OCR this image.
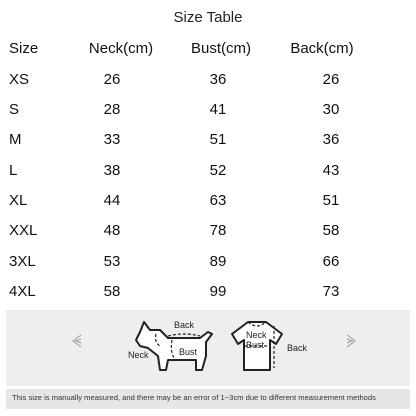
Size Table
Size	Neck(cm)	Bust(cm)	Back(cm)
XS	26	36	26
S	28	41	30
M	33	51	36
L	38	52	43
XL	44	63	51
XXL	48	78	58
3XL	53	89	66
4XL	58	99	73
Back
Neck	Bust
Neck
Bust	Back
This size is manually measured, and there may be an error of 1~3cm due to different measurement methods
